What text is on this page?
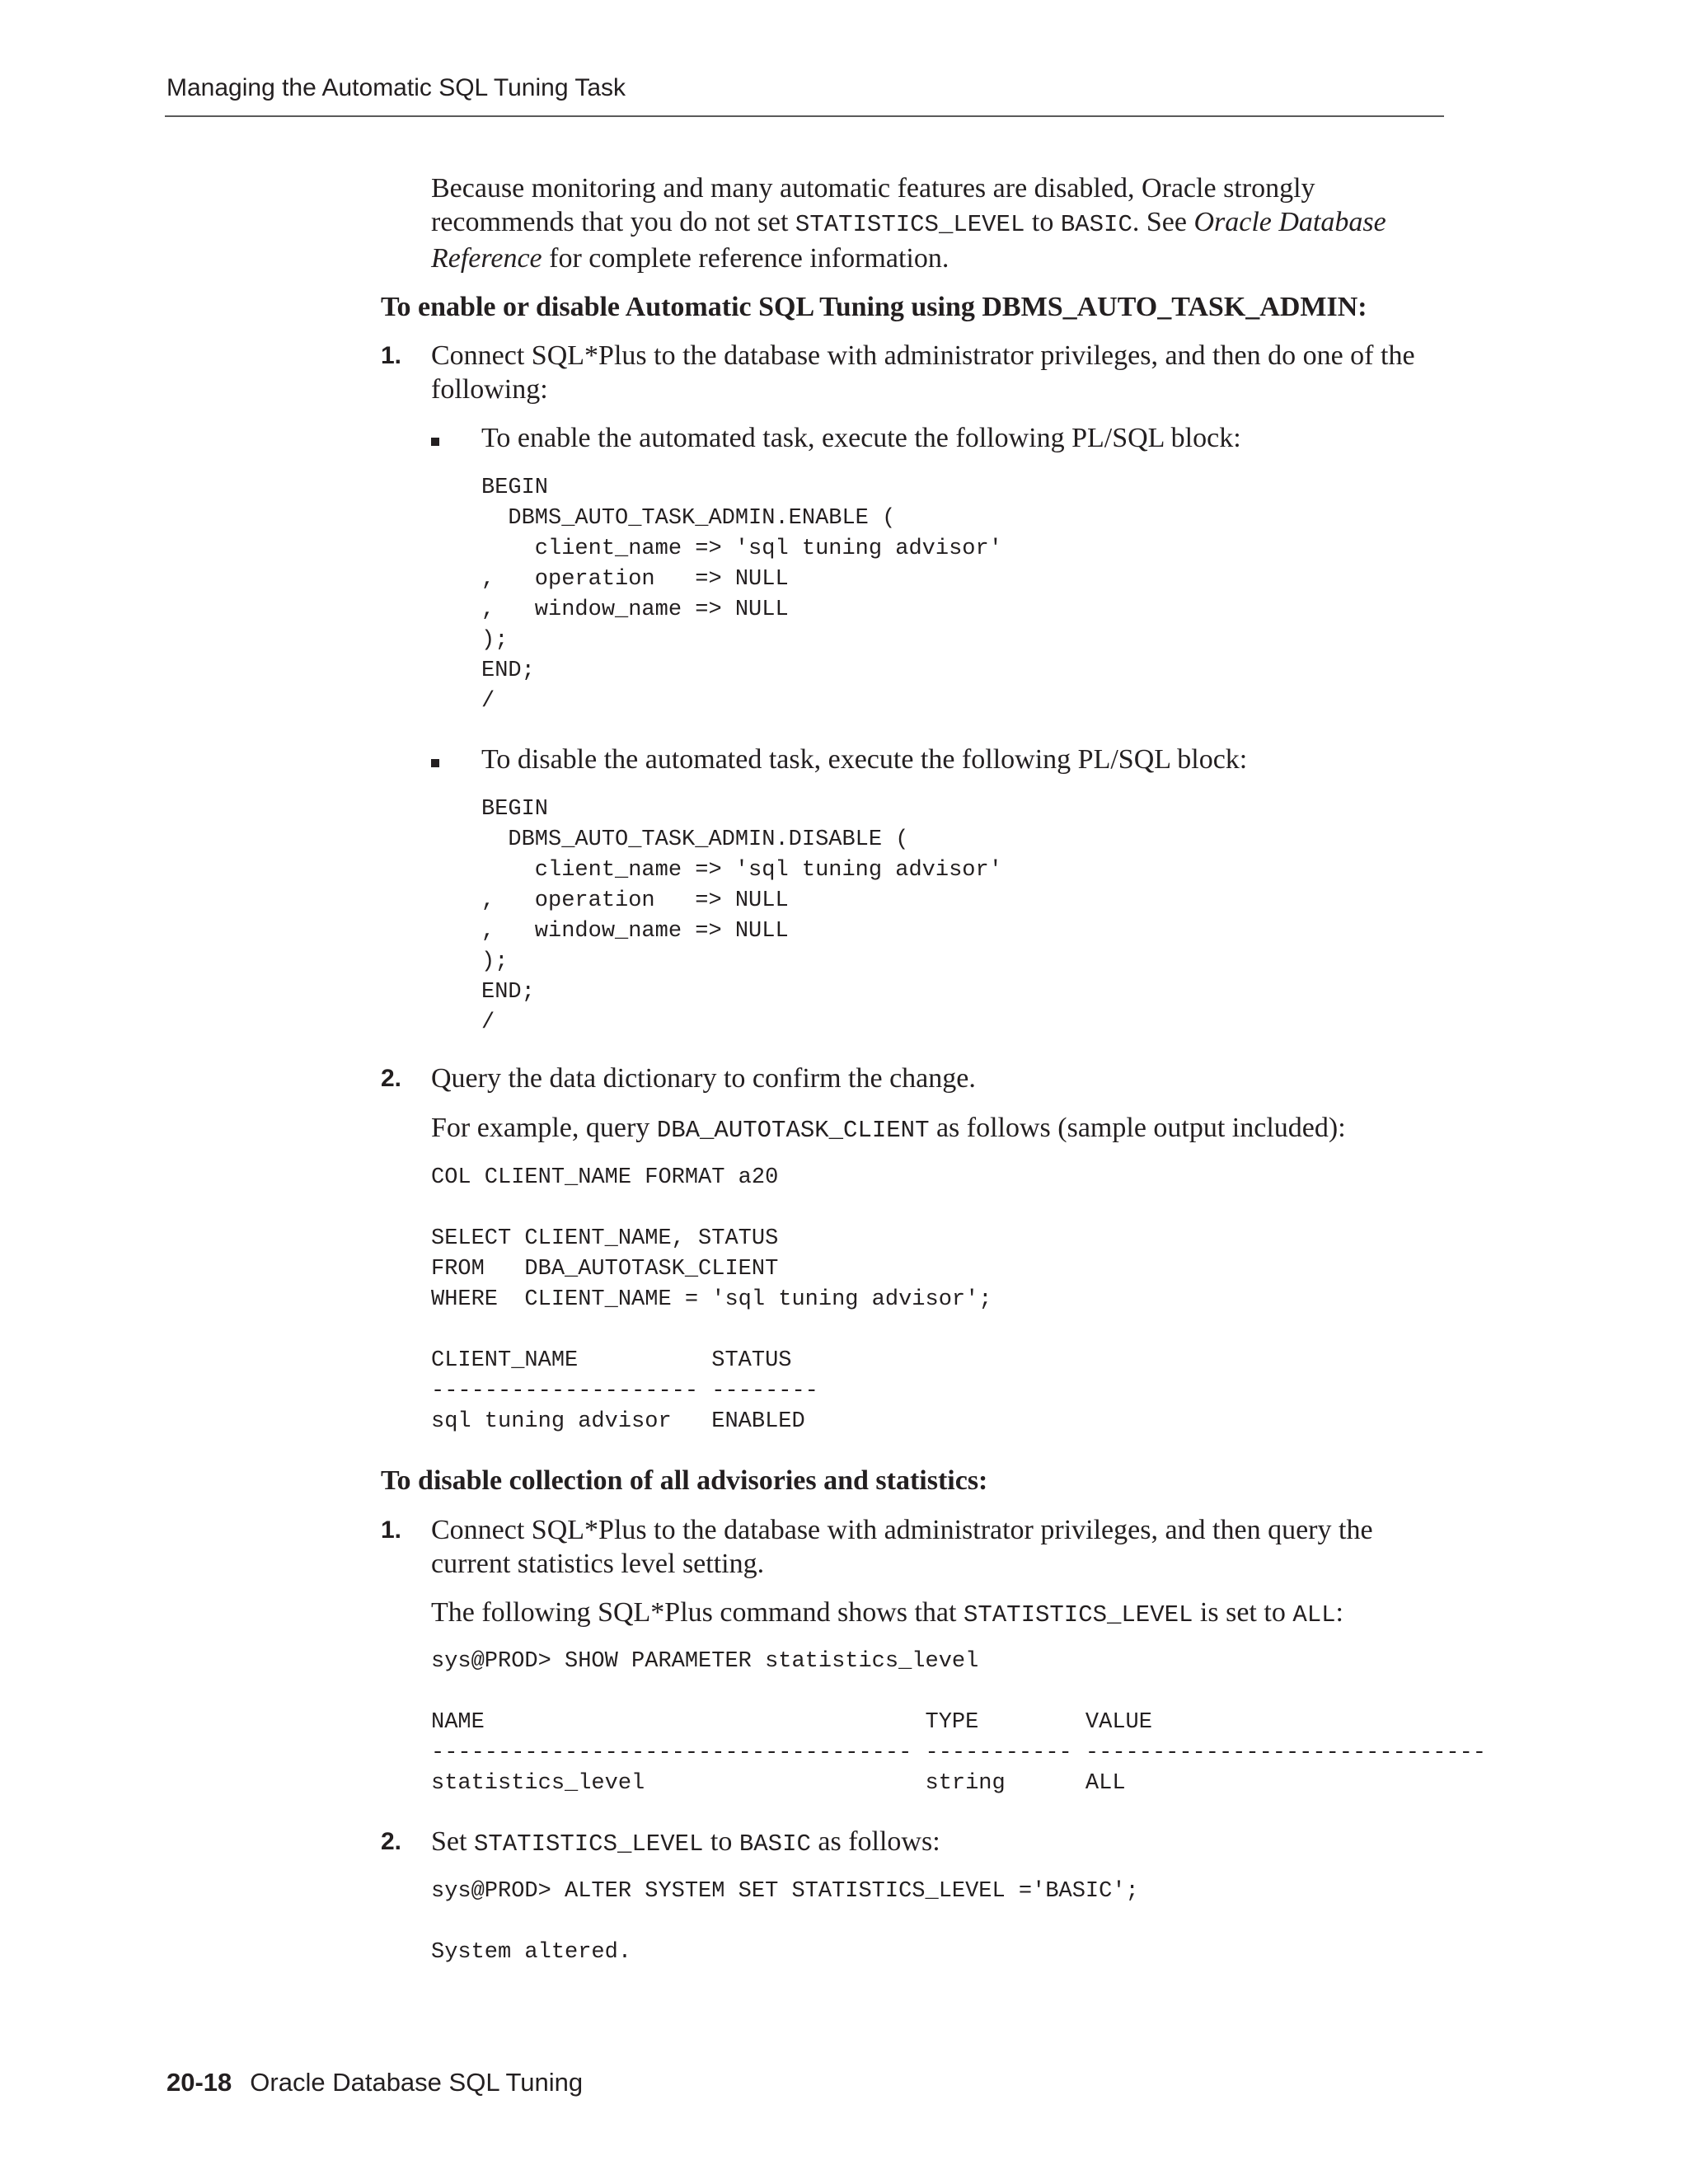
Managing the Automatic SQL Tuning Task

Because monitoring and many automatic features are disabled, Oracle strongly recommends that you do not set STATISTICS_LEVEL to BASIC. See Oracle Database Reference for complete reference information.

To enable or disable Automatic SQL Tuning using DBMS_AUTO_TASK_ADMIN:
1. Connect SQL*Plus to the database with administrator privileges, and then do one of the following:

To enable the automated task, execute the following PL/SQL block:

BEGIN
DBMS_AUTO_TASK_ADMIN.ENABLE (
client_name => 'sql tuning advisor'
,   operation   => NULL
,   window_name => NULL
);
END;
/

To disable the automated task, execute the following PL/SQL block:

BEGIN
DBMS_AUTO_TASK_ADMIN.DISABLE (
client_name => 'sql tuning advisor'
,   operation   => NULL
,   window_name => NULL
);
END;
/
2. Query the data dictionary to confirm the change.

For example, query DBA_AUTOTASK_CLIENT as follows (sample output included):

COL CLIENT_NAME FORMAT a20

SELECT CLIENT_NAME, STATUS
FROM   DBA_AUTOTASK_CLIENT
WHERE  CLIENT_NAME = 'sql tuning advisor';

CLIENT_NAME          STATUS
-------------------- --------
sql tuning advisor   ENABLED
To disable collection of all advisories and statistics:
1. Connect SQL*Plus to the database with administrator privileges, and then query the current statistics level setting.

The following SQL*Plus command shows that STATISTICS_LEVEL is set to ALL:

sys@PROD> SHOW PARAMETER statistics_level

NAME                                 TYPE        VALUE
------------------------------------ ----------- ------------------------------
statistics_level                     string      ALL
2. Set STATISTICS_LEVEL to BASIC as follows:

sys@PROD> ALTER SYSTEM SET STATISTICS_LEVEL ='BASIC';

System altered.
20-18 Oracle Database SQL Tuning
